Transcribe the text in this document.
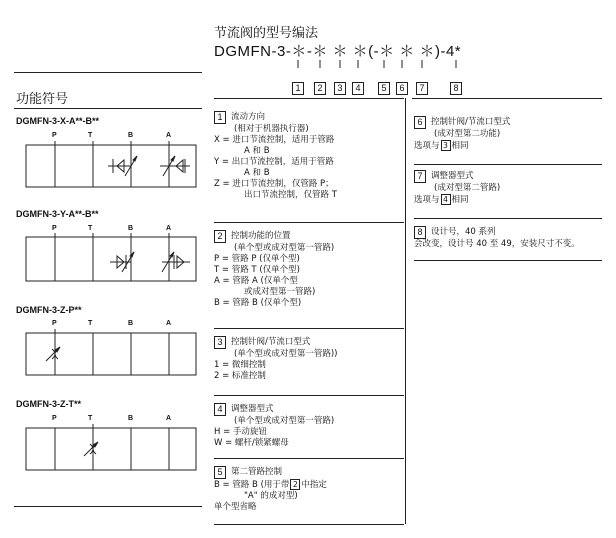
节流阀的型号编法
DGMFN-3-＊-＊ ＊ ＊(-＊ ＊ ＊)-4*
1	2	3	4	5	6	7	8
功能符号
DGMFN-3-X-A**-B**
P	T	B	A
DGMFN-3-Y-A**-B**
P	T	B	A
DGMFN-3-Z-P**
P	T	B	A
DGMFN-3-Z-T**
P	T	B	A
1	流动方向
(相对于机器执行器)
X = 进口节流控制，适用于管路
A 和 B
Y = 出口节流控制，适用于管路
A 和 B
Z = 进口节流控制，仅管路 P；
出口节流控制，仅管路 T
2	控制功能的位置
(单个型或成对型第一管路)
P = 管路 P (仅单个型)
T = 管路 T (仅单个型)
A = 管路 A (仅单个型
或成对型第一管路)
B = 管路 B (仅单个型)
3	控制针阀/节流口型式
(单个型或成对型第一管路))
1 = 微细控制
2 = 标准控制
4	调整器型式
(单个型或成对型第一管路)
H = 手动旋钮
W = 螺杆/锁紧螺母
5	第二管路控制
B = 管路 B (用于带 2 中指定
"A" 的成对型)
单个型省略
6	控制针阀/节流口型式
(成对型第二功能)
选项与 3 相同
7	调整器型式
(成对型第二管路)
选项与 4 相同
8	设计号，40 系列
会改变，设计号 40 至 49，安装尺寸不变。
